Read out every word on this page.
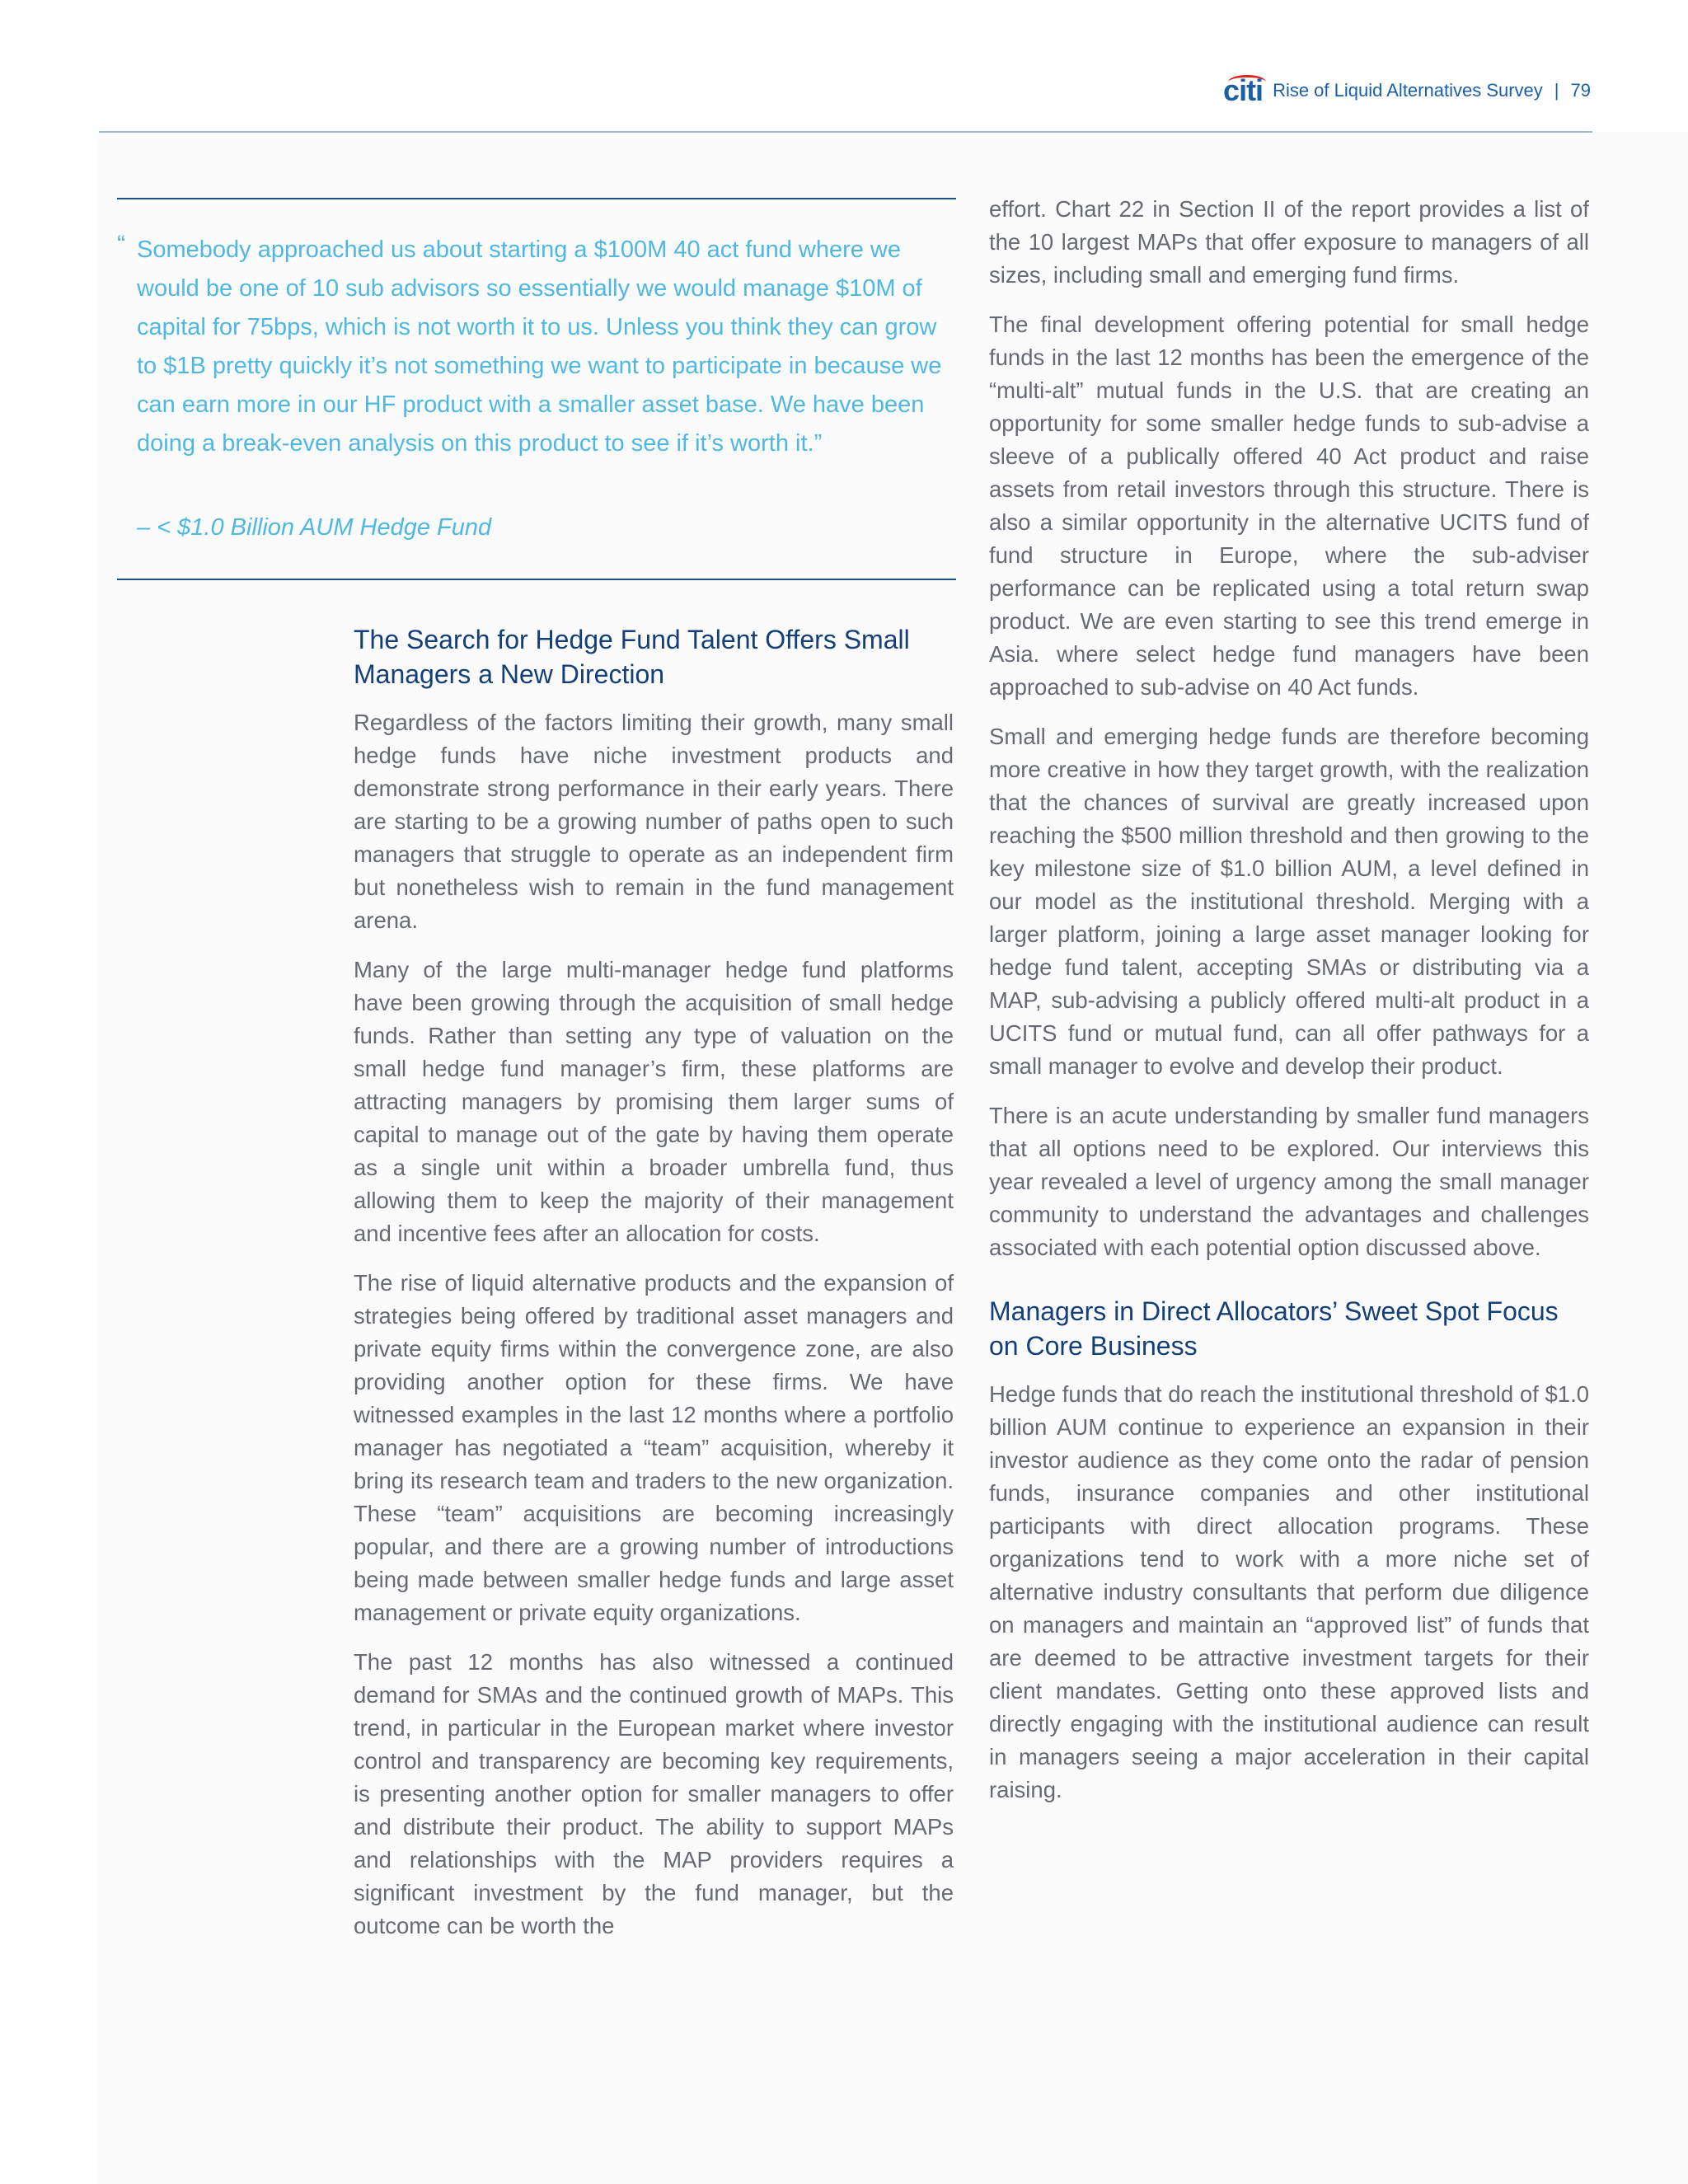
citi Rise of Liquid Alternatives Survey | 79
“ Somebody approached us about starting a $100M 40 act fund where we would be one of 10 sub advisors so essentially we would manage $10M of capital for 75bps, which is not worth it to us. Unless you think they can grow to $1B pretty quickly it’s not something we want to participate in because we can earn more in our HF product with a smaller asset base. We have been doing a break-even analysis on this product to see if it’s worth it.”
– < $1.0 Billion AUM Hedge Fund
The Search for Hedge Fund Talent Offers Small Managers a New Direction

Regardless of the factors limiting their growth, many small hedge funds have niche investment products and demonstrate strong performance in their early years. There are starting to be a growing number of paths open to such managers that struggle to operate as an independent firm but nonetheless wish to remain in the fund management arena.

Many of the large multi-manager hedge fund platforms have been growing through the acquisition of small hedge funds. Rather than setting any type of valuation on the small hedge fund manager’s firm, these platforms are attracting managers by promising them larger sums of capital to manage out of the gate by having them operate as a single unit within a broader umbrella fund, thus allowing them to keep the majority of their management and incentive fees after an allocation for costs.

The rise of liquid alternative products and the expansion of strategies being offered by traditional asset managers and private equity firms within the convergence zone, are also providing another option for these firms. We have witnessed examples in the last 12 months where a portfolio manager has negotiated a “team” acquisition, whereby it bring its research team and traders to the new organization. These “team” acquisitions are becoming increasingly popular, and there are a growing number of introductions being made between smaller hedge funds and large asset management or private equity organizations.

The past 12 months has also witnessed a continued demand for SMAs and the continued growth of MAPs. This trend, in particular in the European market where investor control and transparency are becoming key requirements, is presenting another option for smaller managers to offer and distribute their product. The ability to support MAPs and relationships with the MAP providers requires a significant investment by the fund manager, but the outcome can be worth the

effort. Chart 22 in Section II of the report provides a list of the 10 largest MAPs that offer exposure to managers of all sizes, including small and emerging fund firms.

The final development offering potential for small hedge funds in the last 12 months has been the emergence of the “multi-alt” mutual funds in the U.S. that are creating an opportunity for some smaller hedge funds to sub-advise a sleeve of a publically offered 40 Act product and raise assets from retail investors through this structure. There is also a similar opportunity in the alternative UCITS fund of fund structure in Europe, where the sub-adviser performance can be replicated using a total return swap product. We are even starting to see this trend emerge in Asia. where select hedge fund managers have been approached to sub-advise on 40 Act funds.

Small and emerging hedge funds are therefore becoming more creative in how they target growth, with the realization that the chances of survival are greatly increased upon reaching the $500 million threshold and then growing to the key milestone size of $1.0 billion AUM, a level defined in our model as the institutional threshold. Merging with a larger platform, joining a large asset manager looking for hedge fund talent, accepting SMAs or distributing via a MAP, sub-advising a publicly offered multi-alt product in a UCITS fund or mutual fund, can all offer pathways for a small manager to evolve and develop their product.

There is an acute understanding by smaller fund managers that all options need to be explored. Our interviews this year revealed a level of urgency among the small manager community to understand the advantages and challenges associated with each potential option discussed above.

Managers in Direct Allocators’ Sweet Spot Focus on Core Business

Hedge funds that do reach the institutional threshold of $1.0 billion AUM continue to experience an expansion in their investor audience as they come onto the radar of pension funds, insurance companies and other institutional participants with direct allocation programs. These organizations tend to work with a more niche set of alternative industry consultants that perform due diligence on managers and maintain an “approved list” of funds that are deemed to be attractive investment targets for their client mandates. Getting onto these approved lists and directly engaging with the institutional audience can result in managers seeing a major acceleration in their capital raising.
